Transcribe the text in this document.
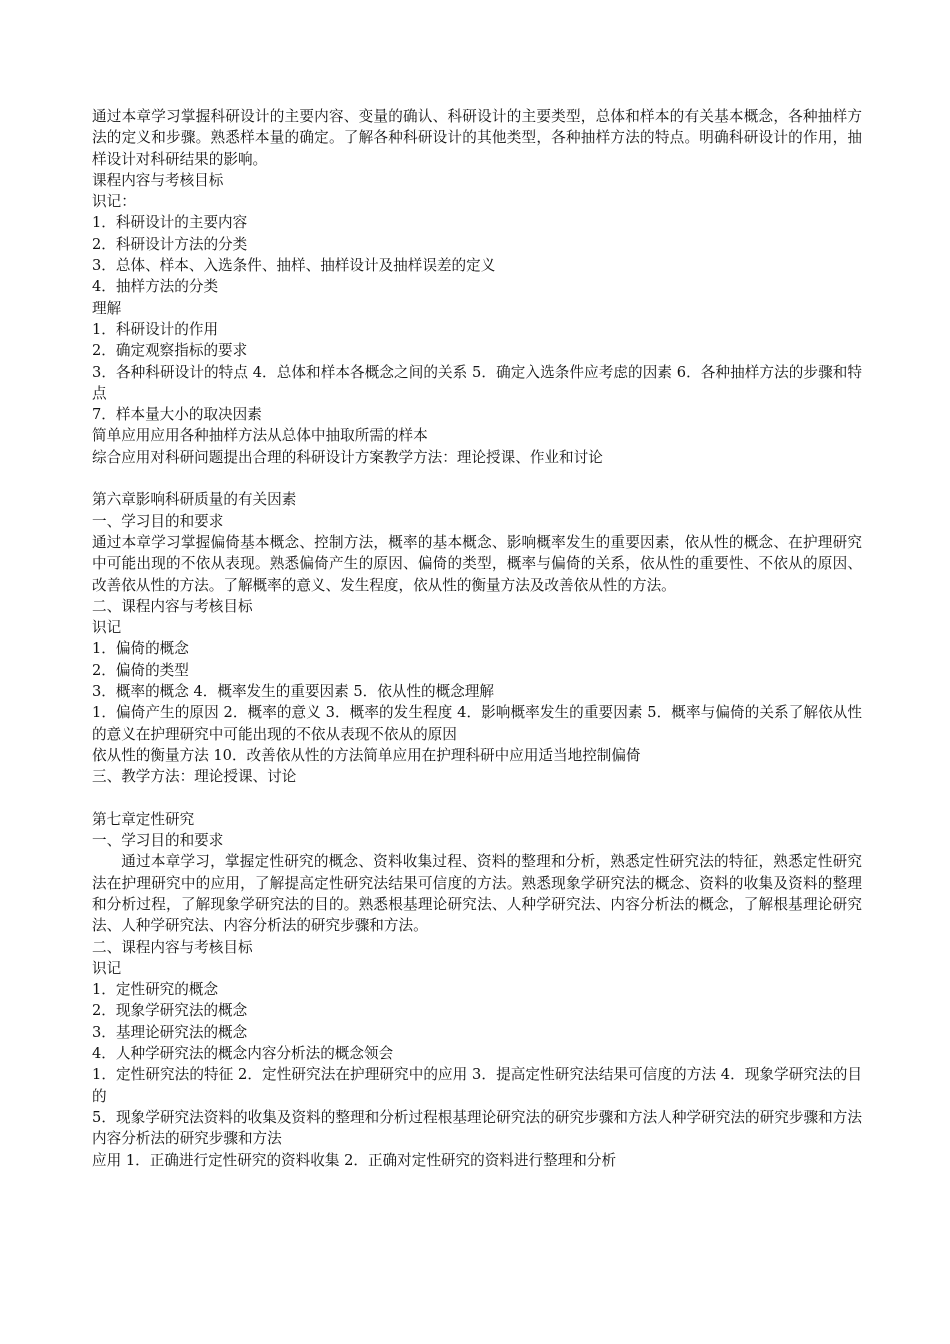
通过本章学习掌握科研设计的主要内容、变量的确认、科研设计的主要类型，总体和样本的有关基本概念，各种抽样方法的定义和步骤。熟悉样本量的确定。了解各种科研设计的其他类型，各种抽样方法的特点。明确科研设计的作用，抽样设计对科研结果的影响。

课程内容与考核目标

识记：

1．科研设计的主要内容

2．科研设计方法的分类

3．总体、样本、入选条件、抽样、抽样设计及抽样误差的定义

4．抽样方法的分类

理解

1．科研设计的作用

2．确定观察指标的要求

3．各种科研设计的特点 4．总体和样本各概念之间的关系 5．确定入选条件应考虑的因素 6．各种抽样方法的步骤和特点

7．样本量大小的取决因素

简单应用应用各种抽样方法从总体中抽取所需的样本

综合应用对科研问题提出合理的科研设计方案教学方法：理论授课、作业和讨论

第六章影响科研质量的有关因素

一、学习目的和要求

通过本章学习掌握偏倚基本概念、控制方法，概率的基本概念、影响概率发生的重要因素，依从性的概念、在护理研究中可能出现的不依从表现。熟悉偏倚产生的原因、偏倚的类型，概率与偏倚的关系，依从性的重要性、不依从的原因、改善依从性的方法。了解概率的意义、发生程度，依从性的衡量方法及改善依从性的方法。

二、课程内容与考核目标

识记

1．偏倚的概念

2．偏倚的类型

3．概率的概念 4．概率发生的重要因素 5．依从性的概念理解

1．偏倚产生的原因 2．概率的意义 3．概率的发生程度 4．影响概率发生的重要因素 5．概率与偏倚的关系了解依从性的意义在护理研究中可能出现的不依从表现不依从的原因

依从性的衡量方法 10．改善依从性的方法简单应用在护理科研中应用适当地控制偏倚

三、教学方法：理论授课、讨论

第七章定性研究

一、学习目的和要求

通过本章学习，掌握定性研究的概念、资料收集过程、资料的整理和分析，熟悉定性研究法的特征，熟悉定性研究法在护理研究中的应用，了解提高定性研究法结果可信度的方法。熟悉现象学研究法的概念、资料的收集及资料的整理和分析过程，了解现象学研究法的目的。熟悉根基理论研究法、人种学研究法、内容分析法的概念，了解根基理论研究法、人种学研究法、内容分析法的研究步骤和方法。

二、课程内容与考核目标

识记

1．定性研究的概念

2．现象学研究法的概念

3．基理论研究法的概念

4．人种学研究法的概念内容分析法的概念领会

1．定性研究法的特征 2．定性研究法在护理研究中的应用 3．提高定性研究法结果可信度的方法 4．现象学研究法的目的

5．现象学研究法资料的收集及资料的整理和分析过程根基理论研究法的研究步骤和方法人种学研究法的研究步骤和方法内容分析法的研究步骤和方法

应用 1．正确进行定性研究的资料收集 2．正确对定性研究的资料进行整理和分析
